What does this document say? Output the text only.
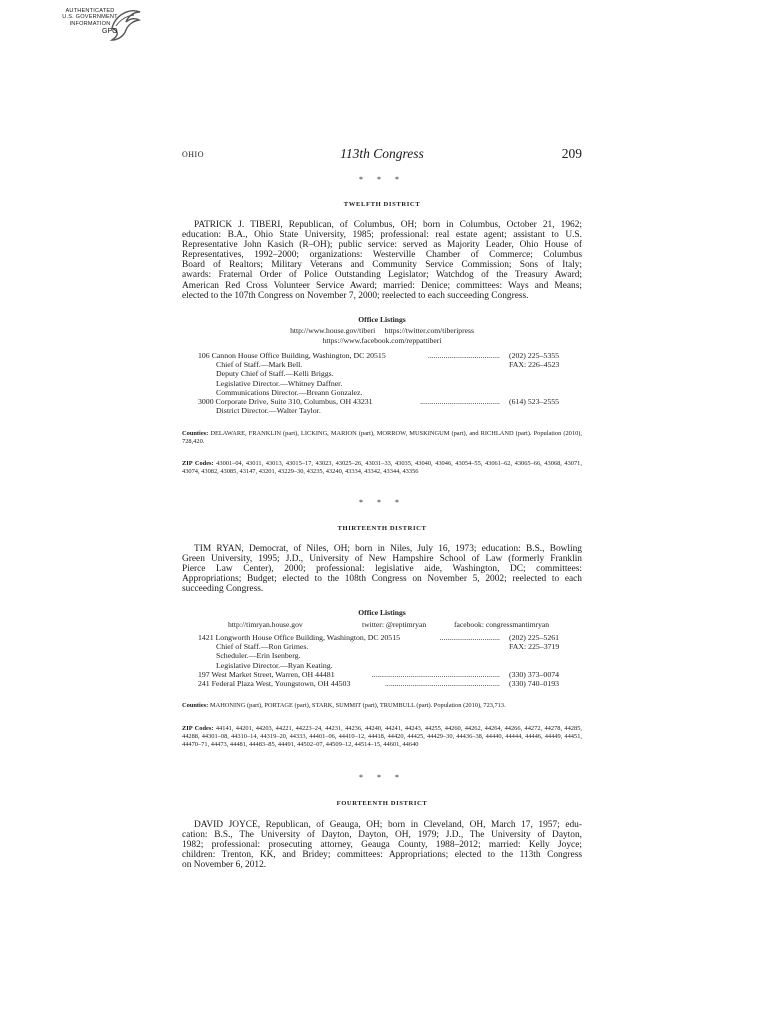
AUTHENTICATED
U.S. GOVERNMENT
INFORMATION
GPO
OHIO	113th Congress	209
* * *
TWELFTH DISTRICT
PATRICK J. TIBERI, Republican, of Columbus, OH; born in Columbus, October 21, 1962;
education: B.A., Ohio State University, 1985; professional: real estate agent; assistant to U.S.
Representative John Kasich (R–OH); public service: served as Majority Leader, Ohio House of
Representatives, 1992–2000; organizations: Westerville Chamber of Commerce; Columbus
Board of Realtors; Military Veterans and Community Service Commission; Sons of Italy;
awards: Fraternal Order of Police Outstanding Legislator; Watchdog of the Treasury Award;
American Red Cross Volunteer Service Award; married: Denice; committees: Ways and Means;
elected to the 107th Congress on November 7, 2000; reelected to each succeeding Congress.
Office Listings
http://www.house.gov/tiberi     https://twitter.com/tiberipress
https://www.facebook.com/reppattiberi
106 Cannon House Office Building, Washington, DC 20515	..................................... (202) 225–5355
Chief of Staff.—Mark Bell.	FAX: 226–4523
Deputy Chief of Staff.—Kelli Briggs.
Legislative Director.—Whitney Daffner.
Communications Director.—Breann Gonzalez.
3000 Corporate Drive, Suite 310, Columbus, OH 43231	......................................... (614) 523–2555
District Director.—Walter Taylor.
Counties: DELAWARE, FRANKLIN (part), LICKING, MARION (part), MORROW, MUSKINGUM (part), and RICHLAND (part). Population (2010), 728,420.
ZIP Codes: 43001–04, 43011, 43013, 43015–17, 43023, 43025–26, 43031–33, 43035, 43040, 43046, 43054–55, 43061–62, 43065–66, 43068, 43071, 43074, 43082, 43085, 43147, 43201, 43229–30, 43235, 43240, 43334, 43342, 43344, 43356
* * *
THIRTEENTH DISTRICT
TIM RYAN, Democrat, of Niles, OH; born in Niles, July 16, 1973; education: B.S., Bowling
Green University, 1995; J.D., University of New Hampshire School of Law (formerly Franklin
Pierce Law Center), 2000; professional: legislative aide, Washington, DC; committees:
Appropriations; Budget; elected to the 108th Congress on November 5, 2002; reelected to each
succeeding Congress.
Office Listings
http://timryan.house.gov	twitter: @reptimryan	facebook: congressmantimryan
1421 Longworth House Office Building, Washington, DC 20515	............................... (202) 225–5261
Chief of Staff.—Ron Grimes.	FAX: 225–3719
Scheduler.—Erin Isenberg.
Legislative Director.—Ryan Keating.
197 West Market Street, Warren, OH 44481	.................................................................. (330) 373–0074
241 Federal Plaza West, Youngstown, OH 44503	........................................................... (330) 740–0193
Counties: MAHONING (part), PORTAGE (part), STARK, SUMMIT (part), TRUMBULL (part). Population (2010), 723,713.
ZIP Codes: 44141, 44201, 44203, 44221, 44223–24, 44231, 44236, 44240, 44241, 44243, 44255, 44260, 44262, 44264, 44266, 44272, 44278, 44285, 44288, 44301–08, 44310–14, 44319–20, 44333, 44401–06, 44410–12, 44418, 44420, 44425, 44429–30, 44436–38, 44440, 44444, 44446, 44449, 44451, 44470–71, 44473, 44481, 44483–85, 44491, 44502–07, 44509–12, 44514–15, 44601, 44640
* * *
FOURTEENTH DISTRICT
DAVID JOYCE, Republican, of Geauga, OH; born in Cleveland, OH, March 17, 1957; edu-
cation: B.S., The University of Dayton, Dayton, OH, 1979; J.D., The University of Dayton,
1982; professional: prosecuting attorney, Geauga County, 1988–2012; married: Kelly Joyce;
children: Trenton, KK, and Bridey; committees: Appropriations; elected to the 113th Congress
on November 6, 2012.
